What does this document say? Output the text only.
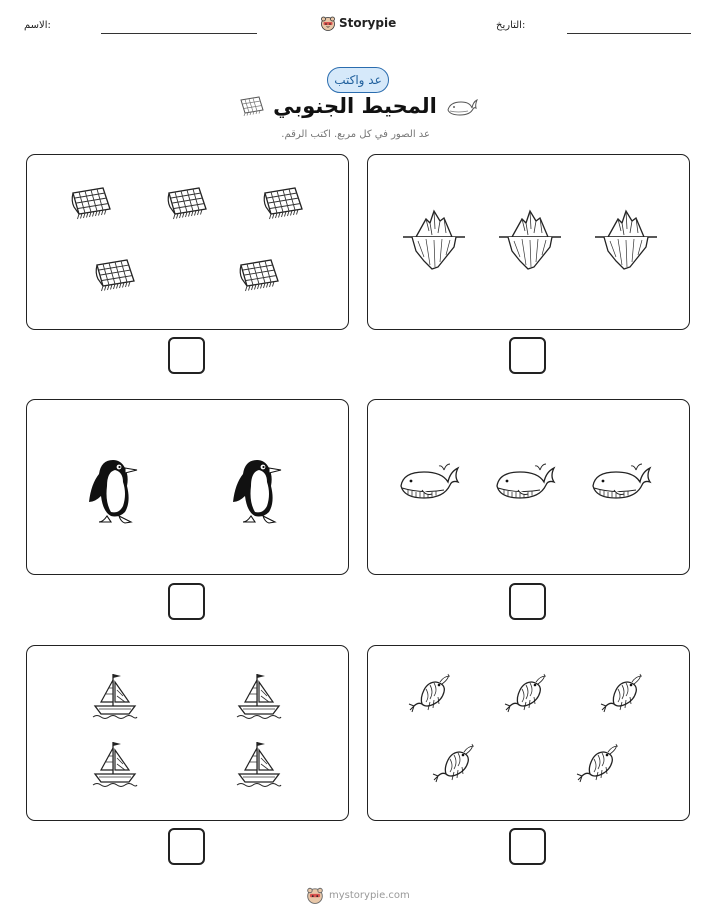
الاسم:	Storypie	التاريخ:
عد واكتب
المحيط الجنوبي
عد الصور في كل مربع. اكتب الرقم.
mystorypie.com
